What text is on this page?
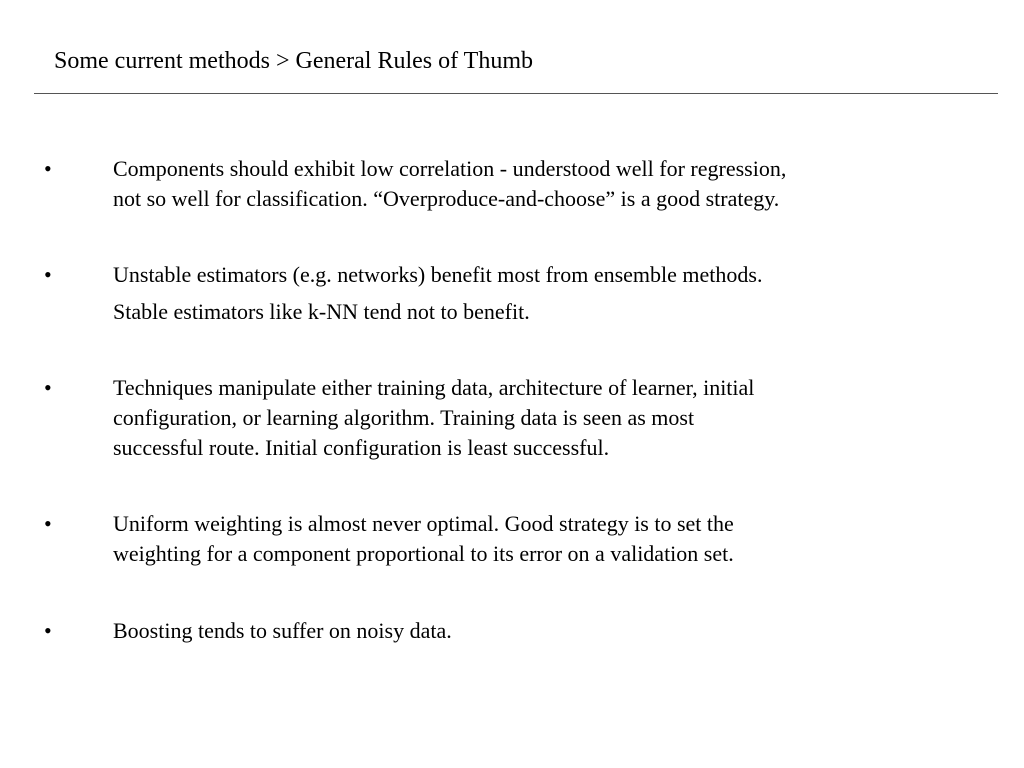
Some current methods > General Rules of Thumb
•	Components should exhibit low correlation - understood well for regression,
not so well for classification. “Overproduce-and-choose” is a good strategy.
•	Unstable estimators (e.g. networks) benefit most from ensemble methods.
Stable estimators like k-NN tend not to benefit.
•	Techniques manipulate either training data, architecture of learner, initial
configuration, or learning algorithm. Training data is seen as most
successful route. Initial configuration is least successful.
•	Uniform weighting is almost never optimal. Good strategy is to set the
weighting for a component proportional to its error on a validation set.
•	Boosting tends to suffer on noisy data.
